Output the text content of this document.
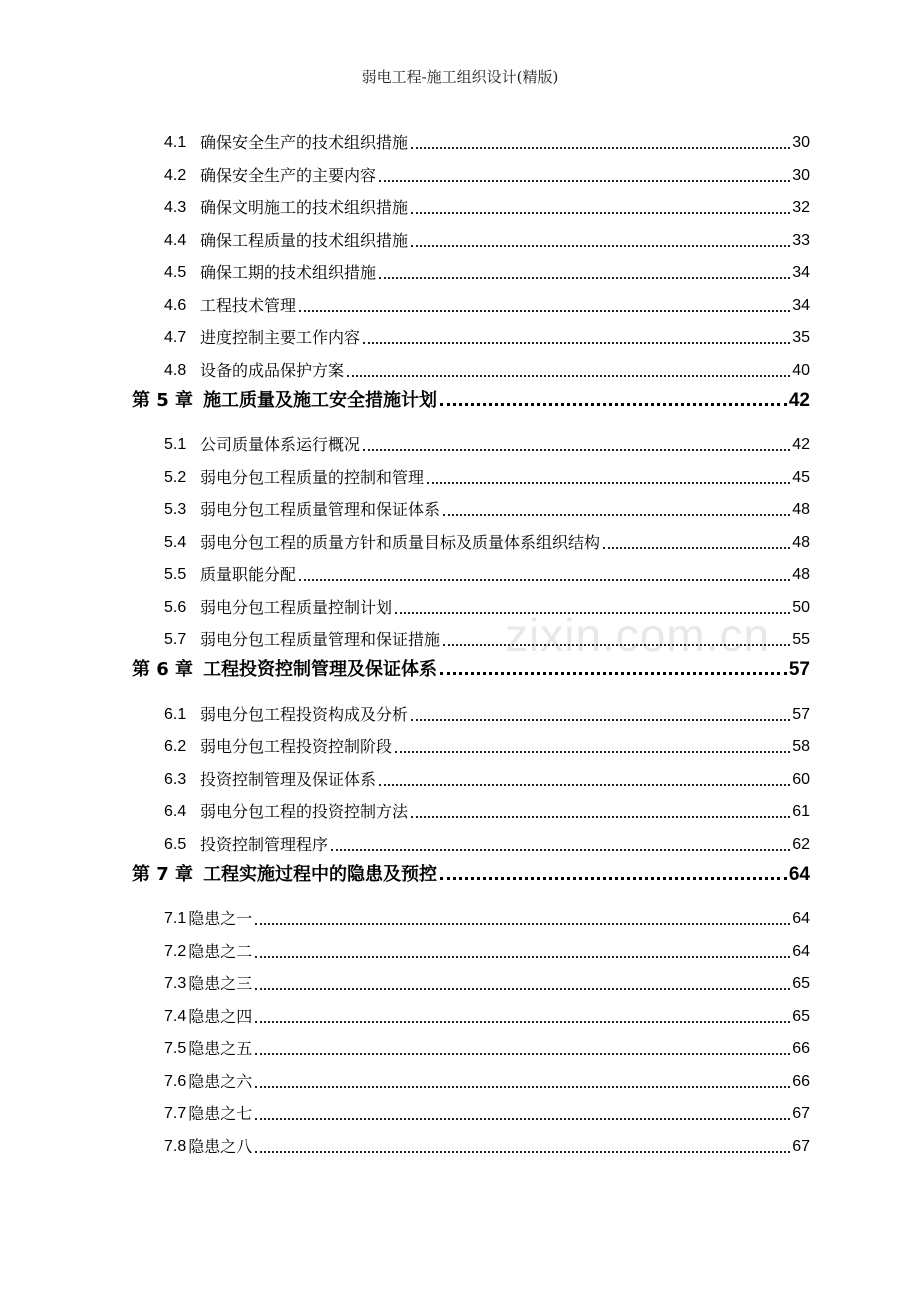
弱电工程-施工组织设计(精版)
zixin.com.cn
4.1 确保安全生产的技术组织措施	30
4.2 确保安全生产的主要内容	30
4.3 确保文明施工的技术组织措施	32
4.4 确保工程质量的技术组织措施	33
4.5 确保工期的技术组织措施	34
4.6 工程技术管理	34
4.7 进度控制主要工作内容	35
4.8 设备的成品保护方案	40
第 5 章 施工质量及施工安全措施计划	42
5.1 公司质量体系运行概况	42
5.2 弱电分包工程质量的控制和管理	45
5.3 弱电分包工程质量管理和保证体系	48
5.4 弱电分包工程的质量方针和质量目标及质量体系组织结构	48
5.5 质量职能分配	48
5.6 弱电分包工程质量控制计划	50
5.7 弱电分包工程质量管理和保证措施	55
第 6 章 工程投资控制管理及保证体系	57
6.1 弱电分包工程投资构成及分析	57
6.2 弱电分包工程投资控制阶段	58
6.3 投资控制管理及保证体系	60
6.4 弱电分包工程的投资控制方法	61
6.5 投资控制管理程序	62
第 7 章 工程实施过程中的隐患及预控	64
7.1 隐患之一	64
7.2 隐患之二	64
7.3 隐患之三	65
7.4 隐患之四	65
7.5 隐患之五	66
7.6 隐患之六	66
7.7 隐患之七	67
7.8 隐患之八	67
